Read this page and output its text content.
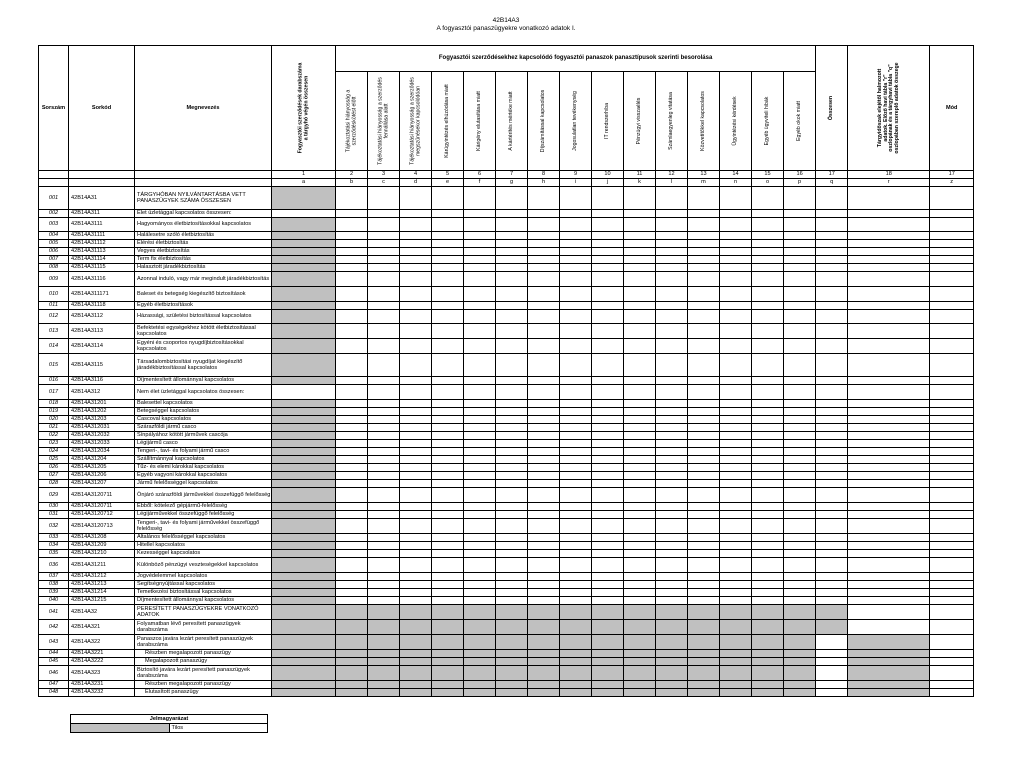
42B14A3
A fogyasztói panaszügyekre vonatkozó adatok I.
Sorszám	Sorkód	Megnevezés	Fogyasztói szerződések darabszáma a tárgyhó végén összesen	Fogyasztói szerződésekhez kapcsolódó fogyasztói panaszok panasztípusok szerinti besorolása															Összesen	Tárgyidőszak elejétől halmozott adatok. Előző havi tábla "r" oszlopának és a tárgyhavi tábla "q" oszlopában szereplő adatok összege	Mód

				Tájékoztatási hiányosság a szerződéskötést előtt	Tájékoztatási hiányosság a szerződés fennállása alatt	Tájékoztatási hiányosság a szerződés megszűnésekor kapcsolódóan	Kárügyintézés elhúzódása miatt	Kárigény elutasítása miatt	A kártérítés mértéke miatt	Díjszámítással kapcsolatos	Jogosulatlan tevékenység	IT rendszerhiba	Pénzügyi visszaélés	Számlaegyenleg vitatása	Közvetítőkkel kapcsolatos	Ügyintézési kérdések	Egyéb ügyviteli hibák	Egyéb okok miatt			

			1	2	3	4	5	6	7	8	9	10	11	12	13	14	15	16	17	18	17
			a	b	c	d	e	f	g	h	i	j	k	l	m	n	o	p	q	r	z
001	42B14A31	TÁRGYHÓBAN NYILVÁNTARTÁSBA VETT PANASZÜGYEK SZÁMA ÖSSZESEN																			
002	42B14A311	Élet üzletággal kapcsolatos összesen:																			
003	42B14A3111	Hagyományos életbiztosításokkal kapcsolatos																			
004	42B14A31111	Halálesetre szóló életbiztosítás																			
005	42B14A31112	Elérési életbiztosítás																			
006	42B14A31113	Vegyes életbiztosítás																			
007	42B14A31114	Term fix életbiztosítás																			
008	42B14A31115	Halasztott járadékbiztosítás																			
009	42B14A31116	Azonnal induló, vagy már megindult járadékbiztosítás																			
010	42B14A311171	Baleset és betegség kiegészítő biztosítások																			
011	42B14A31118	Egyéb életbiztosítások																			
012	42B14A3112	Házassági, születési biztosítással kapcsolatos																			
013	42B14A3113	Befektetési egységekhez kötött életbiztosítással kapcsolatos																			
014	42B14A3114	Egyéni és csoportos nyugdíjbiztosításokkal kapcsolatos																			
015	42B14A3115	Társadalombiztosítási nyugdíjat kiegészítő járadékbiztosítással kapcsolatos																			
016	42B14A3116	Díjmentesített állománnyal kapcsolatos																			
017	42B14A312	Nem élet üzletággal kapcsolatos összesen:																			
018	42B14A31201	Balesettel kapcsolatos																			
019	42B14A31202	Betegséggel kapcsolatos																			
020	42B14A31203	Cascoval kapcsolatos																			
021	42B14A312031	Szárazföldi jármű casco																			
022	42B14A312032	Sínpályához kötött járművek cascója																			
023	42B14A312033	Légijármű casco																			
024	42B14A312034	Tengeri-, tavi- és folyami jármű casco																			
025	42B14A31204	Szállítmánnyal kapcsolatos																			
026	42B14A31205	Tűz- és elemi károkkal kapcsolatos																			
027	42B14A31206	Egyéb vagyoni károkkal kapcsolatos																			
028	42B14A31207	Jármű felelősséggel kapcsolatos																			
029	42B14A3120711	Önjáró szárazföldi járművekkel összefüggő felelősség																			
030	42B14A3120711	Ebből: kötelező gépjármű-felelősség																			
031	42B14A3120712	Légijárművekkel összefüggő felelősség																			
032	42B14A3120713	Tengeri-, tavi- és folyami járművekkel összefüggő felelősség																			
033	42B14A31208	Általános felelősséggel kapcsolatos																			
034	42B14A31209	Hitellel kapcsolatos																			
035	42B14A31210	Kezességgel kapcsolatos																			
036	42B14A31211	Különböző pénzügyi veszteségekkel kapcsolatos																			
037	42B14A31212	Jogvédelemmel kapcsolatos																			
038	42B14A31213	Segítségnyújtással kapcsolatos																			
039	42B14A31214	Temetkezési biztosítással kapcsolatos																			
040	42B14A31215	Díjmentesített állománnyal kapcsolatos																			
041	42B14A32	PERESÍTETT PANASZÜGYEKRE VONATKOZÓ ADATOK																			
042	42B14A321	Folyamatban lévő peresített panaszügyek darabszáma																			
043	42B14A322	Panaszos javára lezárt peresített panaszügyek darabszáma																			
044	42B14A3221	Részben megalapozott panaszügy																			
045	42B14A3222	Megalapozott panaszügy																			
046	42B14A323	Biztosító javára lezárt peresített panaszügyek darabszáma																			
047	42B14A3231	Részben megalapozott panaszügy																			
048	42B14A3232	Elutasított panaszügy																			
Jelmagyarázat
	Tilos
